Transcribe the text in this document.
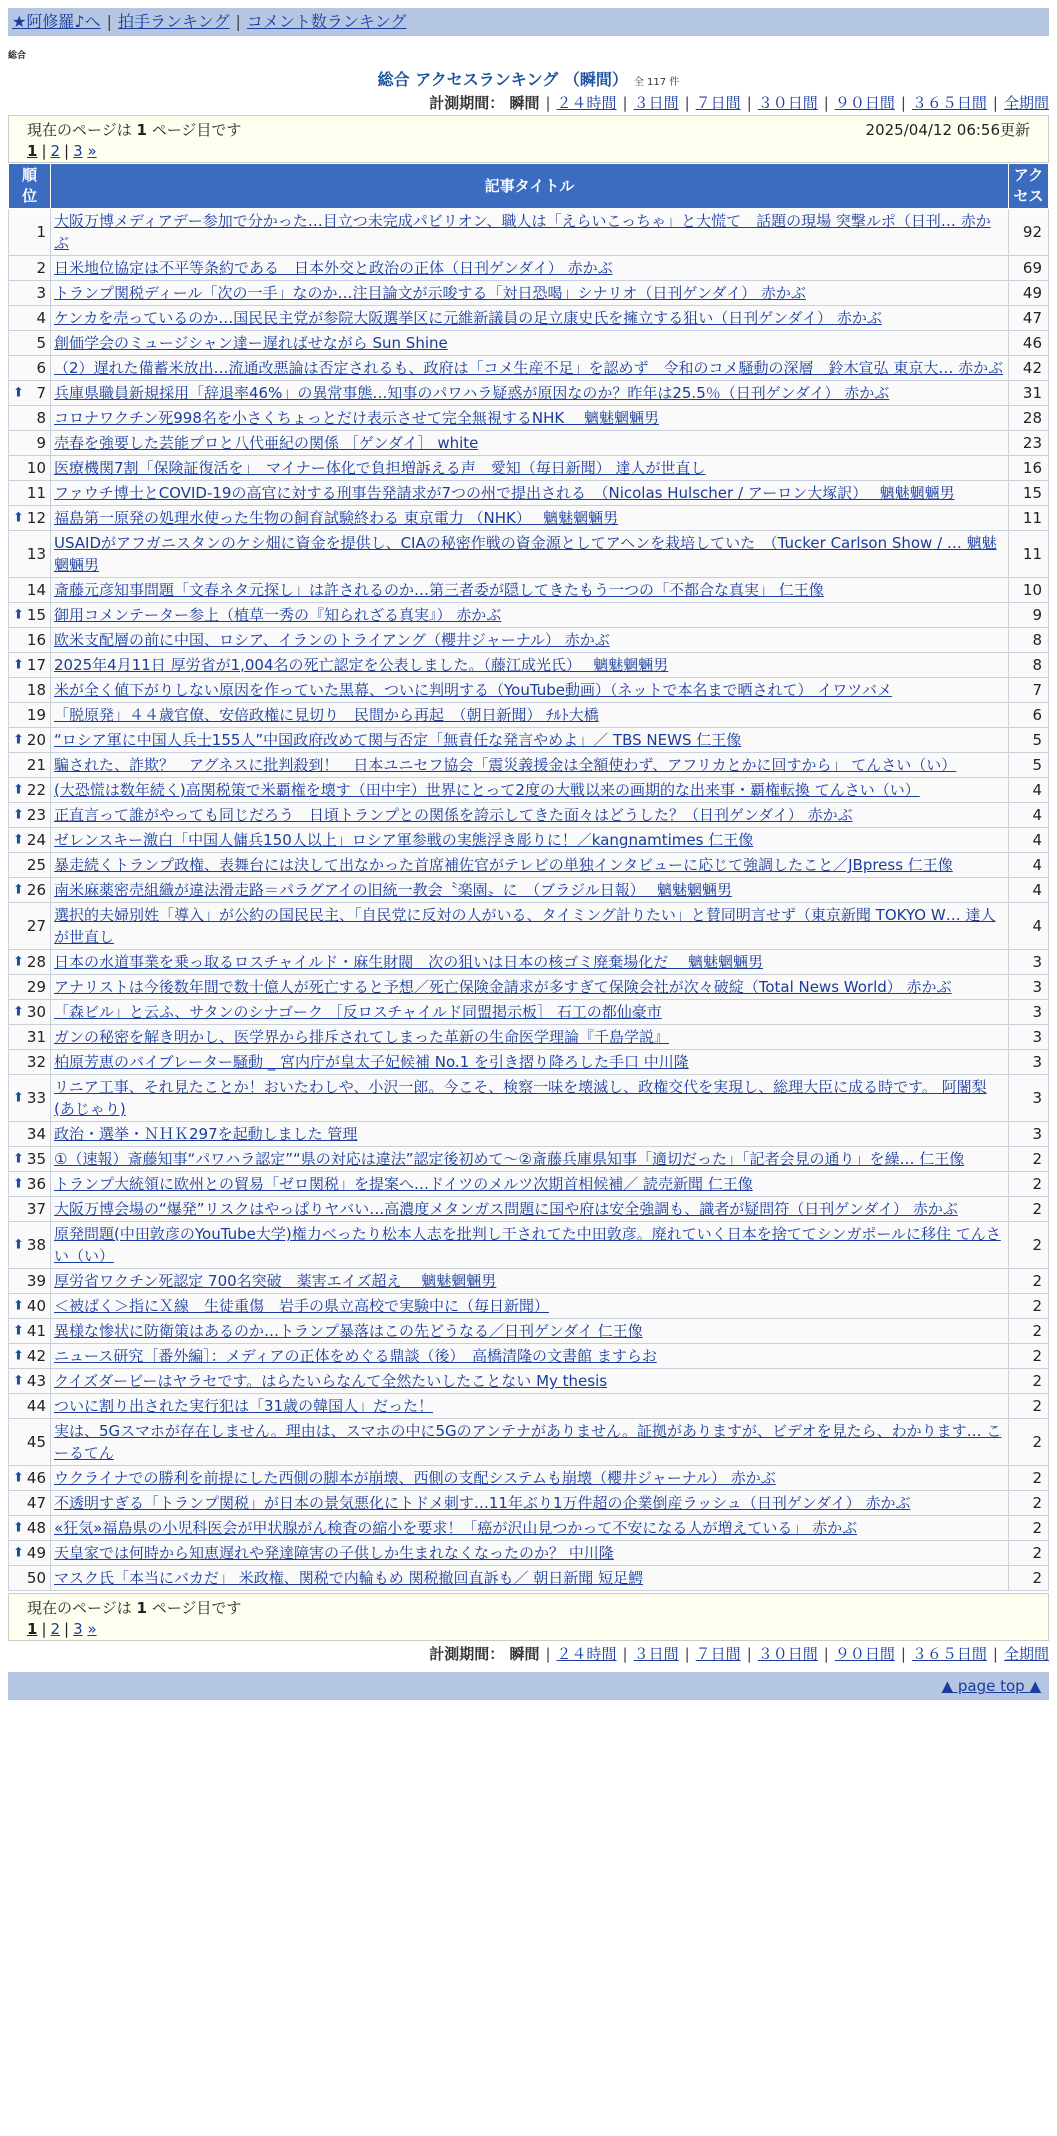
★阿修羅♪へ | 拍手ランキング | コメント数ランキング
総合
総合 アクセスランキング （瞬間） 全 117 件
計測期間： 瞬間 | ２４時間 | ３日間 | ７日間 | ３０日間 | ９０日間 | ３６５日間 | 全期間
現在のページは 1 ページ目です	2025/04/12 06:56更新
1 | 2 | 3 »
順
位	記事タイトル	アク
セス
1	大阪万博メディアデー参加で分かった…目立つ未完成パビリオン、職人は「えらいこっちゃ」と大慌て　話題の現場 突撃ルポ（日刊… 赤かぶ	92
2	日米地位協定は不平等条約である　日本外交と政治の正体（日刊ゲンダイ） 赤かぶ	69
3	トランプ関税ディール「次の一手」なのか…注目論文が示唆する「対日恐喝」シナリオ（日刊ゲンダイ） 赤かぶ	49
4	ケンカを売っているのか…国民民主党が参院大阪選挙区に元維新議員の足立康史氏を擁立する狙い（日刊ゲンダイ） 赤かぶ	47
5	創価学会のミュージシャン達ー遅ればせながら Sun Shine	46
6	（2）遅れた備蓄米放出…流通改悪論は否定されるも、政府は「コメ生産不足」を認めず　令和のコメ騒動の深層　鈴木宣弘 東京大… 赤かぶ	42

⬆ 7	兵庫県職員新規採用「辞退率46%」の異常事態…知事のパワハラ疑惑が原因なのか？昨年は25.5％（日刊ゲンダイ） 赤かぶ	31
8	コロナワクチン死998名を小さくちょっとだけ表示させて完全無視するNHK　 魑魅魍魎男	28
9	売春を強要した芸能プロと八代亜紀の関係 ［ゲンダイ］ white	23
10	医療機関7割「保険証復活を」　マイナー体化で負担増訴える声　愛知（毎日新聞） 達人が世直し	16
11	ファウチ博士とCOVID-19の高官に対する刑事告発請求が7つの州で提出される　（Nicolas Hulscher / アーロン大塚訳）　 魑魅魍魎男	15

⬆ 12	福島第一原発の処理水使った生物の飼育試験終わる 東京電力 （NHK）　 魑魅魍魎男	11
13	USAIDがアフガニスタンのケシ畑に資金を提供し、CIAの秘密作戦の資金源としてアヘンを栽培していた　（Tucker Carlson Show / … 魑魅魍魎男	11
14	斎藤元彦知事問題「文春ネタ元探し」は許されるのか…第三者委が隠してきたもう一つの「不都合な真実」 仁王像	10

⬆ 15	御用コメンテーター参上（植草一秀の『知られざる真実』） 赤かぶ	9
16	欧米支配層の前に中国、ロシア、イランのトライアング（櫻井ジャーナル） 赤かぶ	8

⬆ 17	2025年4月11日 厚労省が1,004名の死亡認定を公表しました。（藤江成光氏）　 魑魅魍魎男	8
18	米が全く値下がりしない原因を作っていた黒幕、ついに判明する（YouTube動画）（ネットで本名まで晒されて） イワツバメ	7
19	「脱原発」４４歳官僚、安倍政権に見切り　民間から再起　（朝日新聞） ﾁﾙﾄ大橋	6

⬆ 20	“ロシア軍に中国人兵士155人”中国政府改めて関与否定「無責任な発言やめよ」／ TBS NEWS 仁王像	5
21	騙された、詐欺？　アグネスに批判殺到！　日本ユニセフ協会「震災義援金は全額使わず、アフリカとかに回すから」 てんさい（い）	5

⬆ 22	(大恐慌は数年続く)高関税策で米覇権を壊す（田中宇）世界にとって2度の大戦以来の画期的な出来事・覇権転換 てんさい（い）	4

⬆ 23	正直言って誰がやっても同じだろう　日頃トランプとの関係を誇示してきた面々はどうした？（日刊ゲンダイ） 赤かぶ	4

⬆ 24	ゼレンスキー激白「中国人傭兵150人以上」ロシア軍参戦の実態浮き彫りに！／kangnamtimes 仁王像	4
25	暴走続くトランプ政権、表舞台には決して出なかった首席補佐官がテレビの単独インタビューに応じて強調したこと／JBpress 仁王像	4

⬆ 26	南米麻薬密売組織が違法滑走路＝パラグアイの旧統一教会〝楽園〟に　（ブラジル日報）　 魑魅魍魎男	4
27	選択的夫婦別姓「導入」が公約の国民民主、「自民党に反対の人がいる、タイミング計りたい」と賛同明言せず（東京新聞 TOKYO W… 達人が世直し	4

⬆ 28	日本の水道事業を乗っ取るロスチャイルド・麻生財閥　次の狙いは日本の核ゴミ廃棄場化だ　 魑魅魍魎男	3
29	アナリストは今後数年間で数十億人が死亡すると予想／死亡保険金請求が多すぎて保険会社が次々破綻（Total News World） 赤かぶ	3

⬆ 30	「森ビル」と云ふ、サタンのシナゴーク ［反ロスチャイルド同盟掲示板］ 石工の都仙豪市	3
31	ガンの秘密を解き明かし、医学界から排斥されてしまった革新の生命医学理論『千島学説』	3
32	柏原芳恵のバイブレーター騒動 _ 宮内庁が皇太子妃候補 No.1 を引き摺り降ろした手口 中川隆	3

⬆ 33	リニア工事、それ見たことか！おいたわしや、小沢一郎。今こそ、検察一味を壊滅し、政権交代を実現し、総理大臣に成る時です。 阿闍梨(あじゃり)	3
34	政治・選挙・ＮＨＫ297を起動しました 管理	3

⬆ 35	①（速報）斎藤知事“パワハラ認定”“県の対応は違法”認定後初めて〜②斎藤兵庫県知事「適切だった」「記者会見の通り」を繰… 仁王像	2

⬆ 36	トランプ大統領に欧州との貿易「ゼロ関税」を提案へ…ドイツのメルツ次期首相候補／ 読売新聞 仁王像	2
37	大阪万博会場の“爆発”リスクはやっぱりヤバい…高濃度メタンガス問題に国や府は安全強調も、識者が疑問符（日刊ゲンダイ） 赤かぶ	2

⬆ 38	原発問題(中田敦彦のYouTube大学)権力べったり松本人志を批判し干されてた中田敦彦。廃れていく日本を捨ててシンガポールに移住 てんさい（い）	2
39	厚労省ワクチン死認定 700名突破　薬害エイズ超え　 魑魅魍魎男	2

⬆ 40	＜被ばく＞指にＸ線　生徒重傷　岩手の県立高校で実験中に（毎日新聞）	2

⬆ 41	異様な惨状に防衛策はあるのか…トランプ暴落はこの先どうなる／日刊ゲンダイ 仁王像	2

⬆ 42	ニュース研究［番外編］：メディアの正体をめぐる鼎談（後）　高橋清隆の文書館 ますらお	2

⬆ 43	クイズダービーはヤラセです。はらたいらなんて全然たいしたことない My thesis	2
44	ついに割り出された実行犯は「31歳の韓国人」だった！	2
45	実は、5Gスマホが存在しません。理由は、スマホの中に5Gのアンテナがありません。証拠がありますが、ビデオを見たら、わかります… こーるてん	2

⬆ 46	ウクライナでの勝利を前提にした西側の脚本が崩壊、西側の支配システムも崩壊（櫻井ジャーナル） 赤かぶ	2
47	不透明すぎる「トランプ関税」が日本の景気悪化にトドメ刺す…11年ぶり1万件超の企業倒産ラッシュ（日刊ゲンダイ） 赤かぶ	2

⬆ 48	«狂気»福島県の小児科医会が甲状腺がん検査の縮小を要求！「癌が沢山見つかって不安になる人が増えている」 赤かぶ	2

⬆ 49	天皇家では何時から知恵遅れや発達障害の子供しか生まれなくなったのか？ 中川隆	2
50	マスク氏「本当にバカだ」 米政権、関税で内輪もめ 関税撤回直訴も／ 朝日新聞 短足鰐	2
現在のページは 1 ページ目です
1 | 2 | 3 »
計測期間： 瞬間 | ２４時間 | ３日間 | ７日間 | ３０日間 | ９０日間 | ３６５日間 | 全期間
▲ page top ▲
